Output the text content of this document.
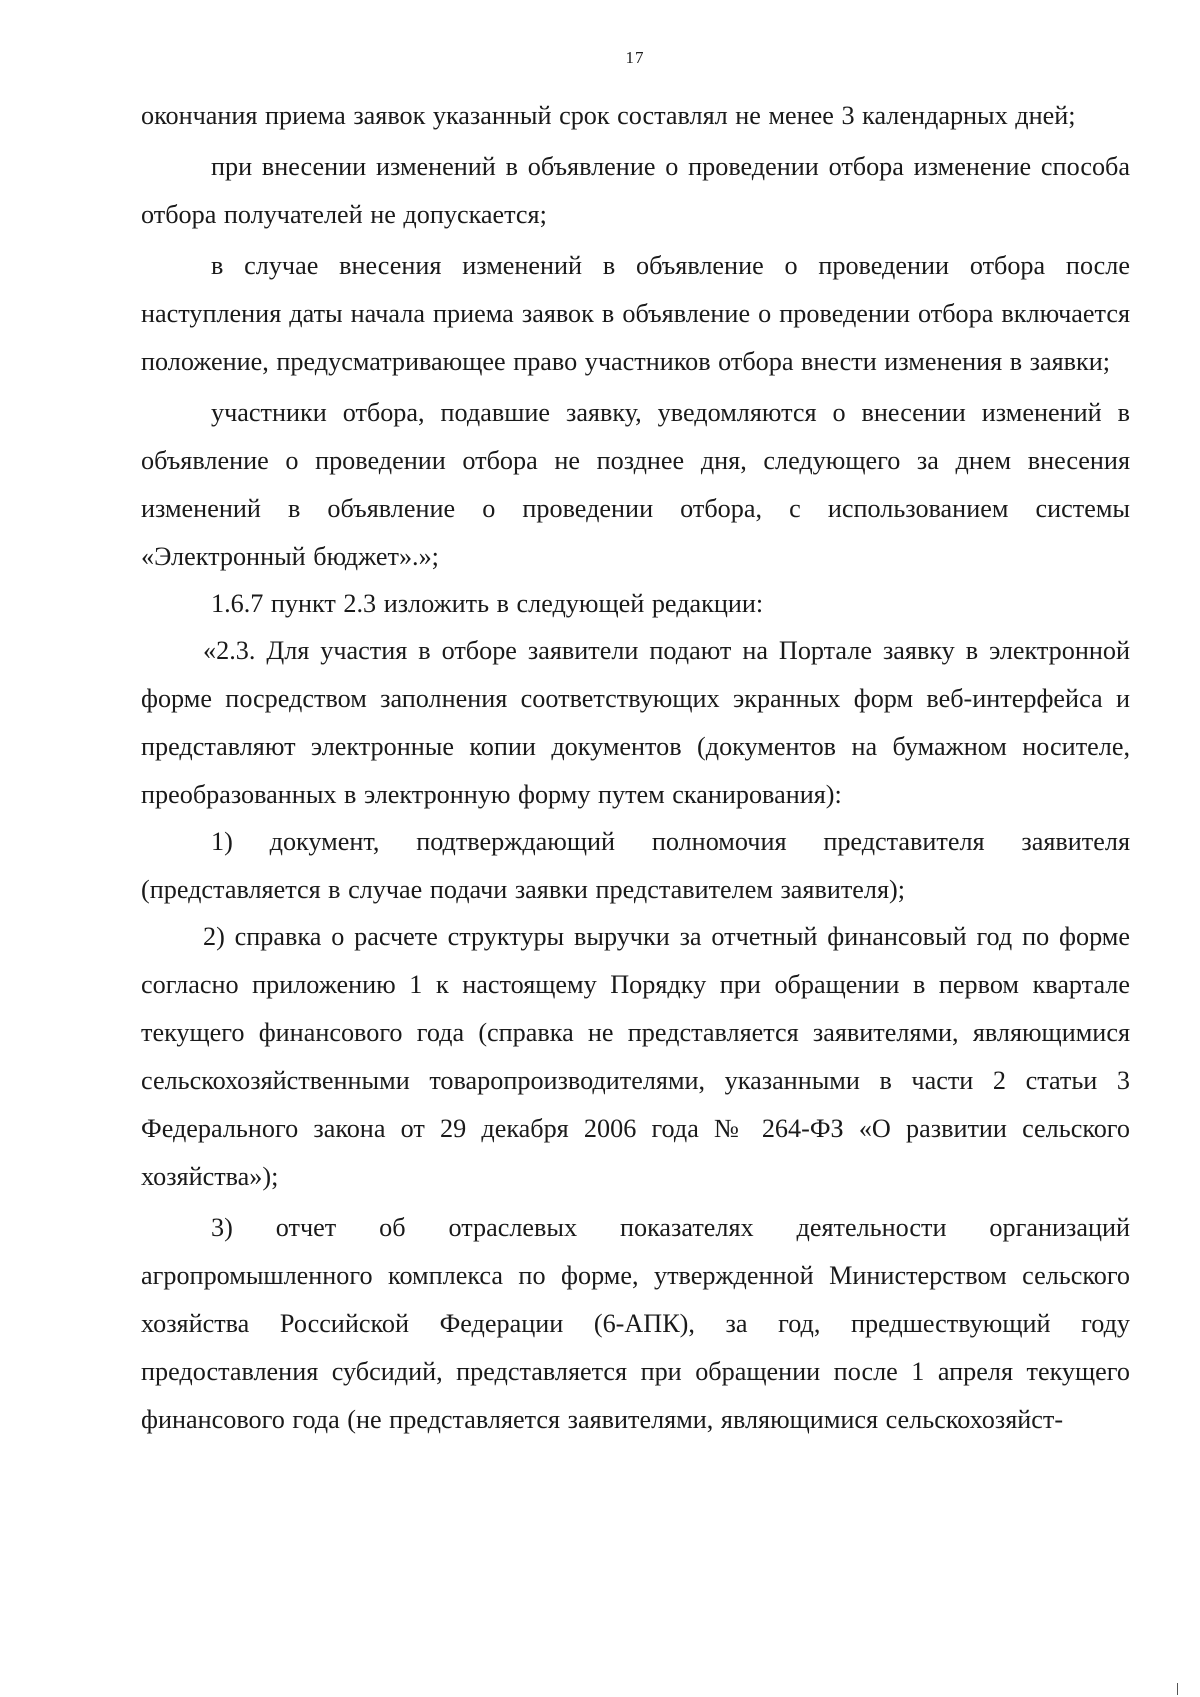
17

окончания приема заявок указанный срок составлял не менее 3 календарных дней;

при внесении изменений в объявление о проведении отбора изменение способа отбора получателей не допускается;

в случае внесения изменений в объявление о проведении отбора после наступления даты начала приема заявок в объявление о проведении отбора включается положение, предусматривающее право участников отбора внести изменения в заявки;

участники отбора, подавшие заявку, уведомляются о внесении изменений в объявление о проведении отбора не позднее дня, следующего за днем внесения изменений в объявление о проведении отбора, с использованием системы «Электронный бюджет».»;

1.6.7 пункт 2.3 изложить в следующей редакции:

«2.3. Для участия в отборе заявители подают на Портале заявку в электронной форме посредством заполнения соответствующих экранных форм веб-интерфейса и представляют электронные копии документов (документов на бумажном носителе, преобразованных в электронную форму путем сканирования):

1) документ, подтверждающий полномочия представителя заявителя (представляется в случае подачи заявки представителем заявителя);

2) справка о расчете структуры выручки за отчетный финансовый год по форме согласно приложению 1 к настоящему Порядку при обращении в первом квартале текущего финансового года (справка не представляется заявителями, являющимися сельскохозяйственными товаропроизводителями, указанными в части 2 статьи 3 Федерального закона от 29 декабря 2006 года № 264-ФЗ «О развитии сельского хозяйства»);

3) отчет об отраслевых показателях деятельности организаций агропромышленного комплекса по форме, утвержденной Министерством сельского хозяйства Российской Федерации (6-АПК), за год, предшествующий году предоставления субсидий, представляется при обращении после 1 апреля текущего финансового года (не представляется заявителями, являющимися сельскохозяйст-
